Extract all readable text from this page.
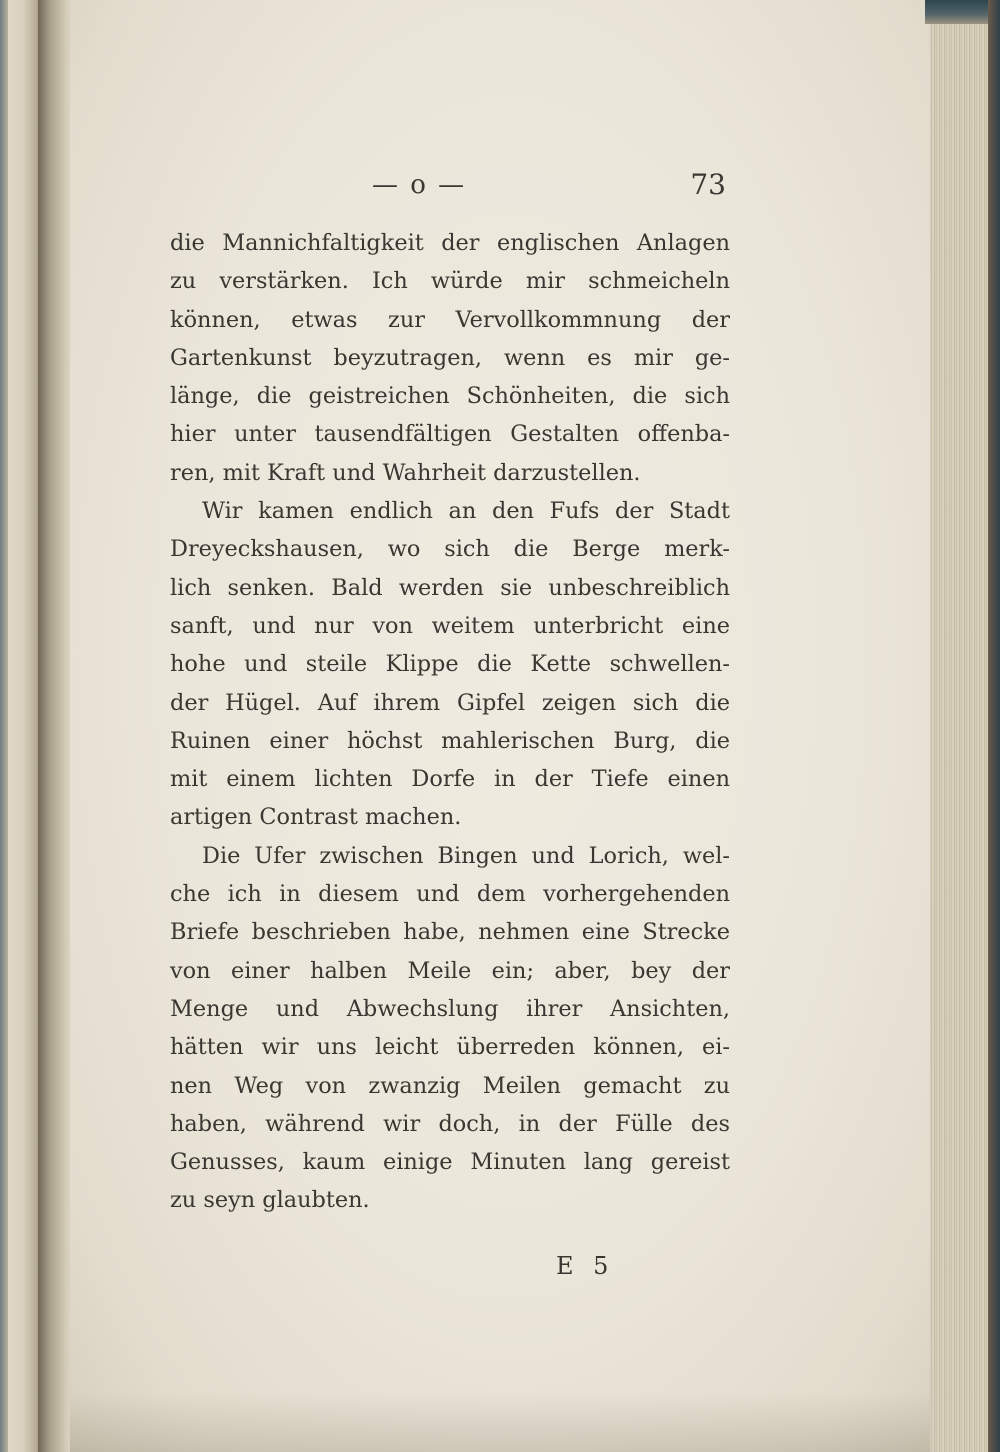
— o —	73
die Mannichfaltigkeit der englischen Anlagen
zu verstärken. Ich würde mir schmeicheln
können, etwas zur Vervollkommnung der
Gartenkunst beyzutragen, wenn es mir ge-
länge, die geistreichen Schönheiten, die sich
hier unter tausendfältigen Gestalten offenba-
ren, mit Kraft und Wahrheit darzustellen.
Wir kamen endlich an den Fufs der Stadt
Dreyeckshausen, wo sich die Berge merk-
lich senken. Bald werden sie unbeschreiblich
sanft, und nur von weitem unterbricht eine
hohe und steile Klippe die Kette schwellen-
der Hügel. Auf ihrem Gipfel zeigen sich die
Ruinen einer höchst mahlerischen Burg, die
mit einem lichten Dorfe in der Tiefe einen
artigen Contrast machen.
Die Ufer zwischen Bingen und Lorich, wel-
che ich in diesem und dem vorhergehenden
Briefe beschrieben habe, nehmen eine Strecke
von einer halben Meile ein; aber, bey der
Menge und Abwechslung ihrer Ansichten,
hätten wir uns leicht überreden können, ei-
nen Weg von zwanzig Meilen gemacht zu
haben, während wir doch, in der Fülle des
Genusses, kaum einige Minuten lang gereist
zu seyn glaubten.
E 5
